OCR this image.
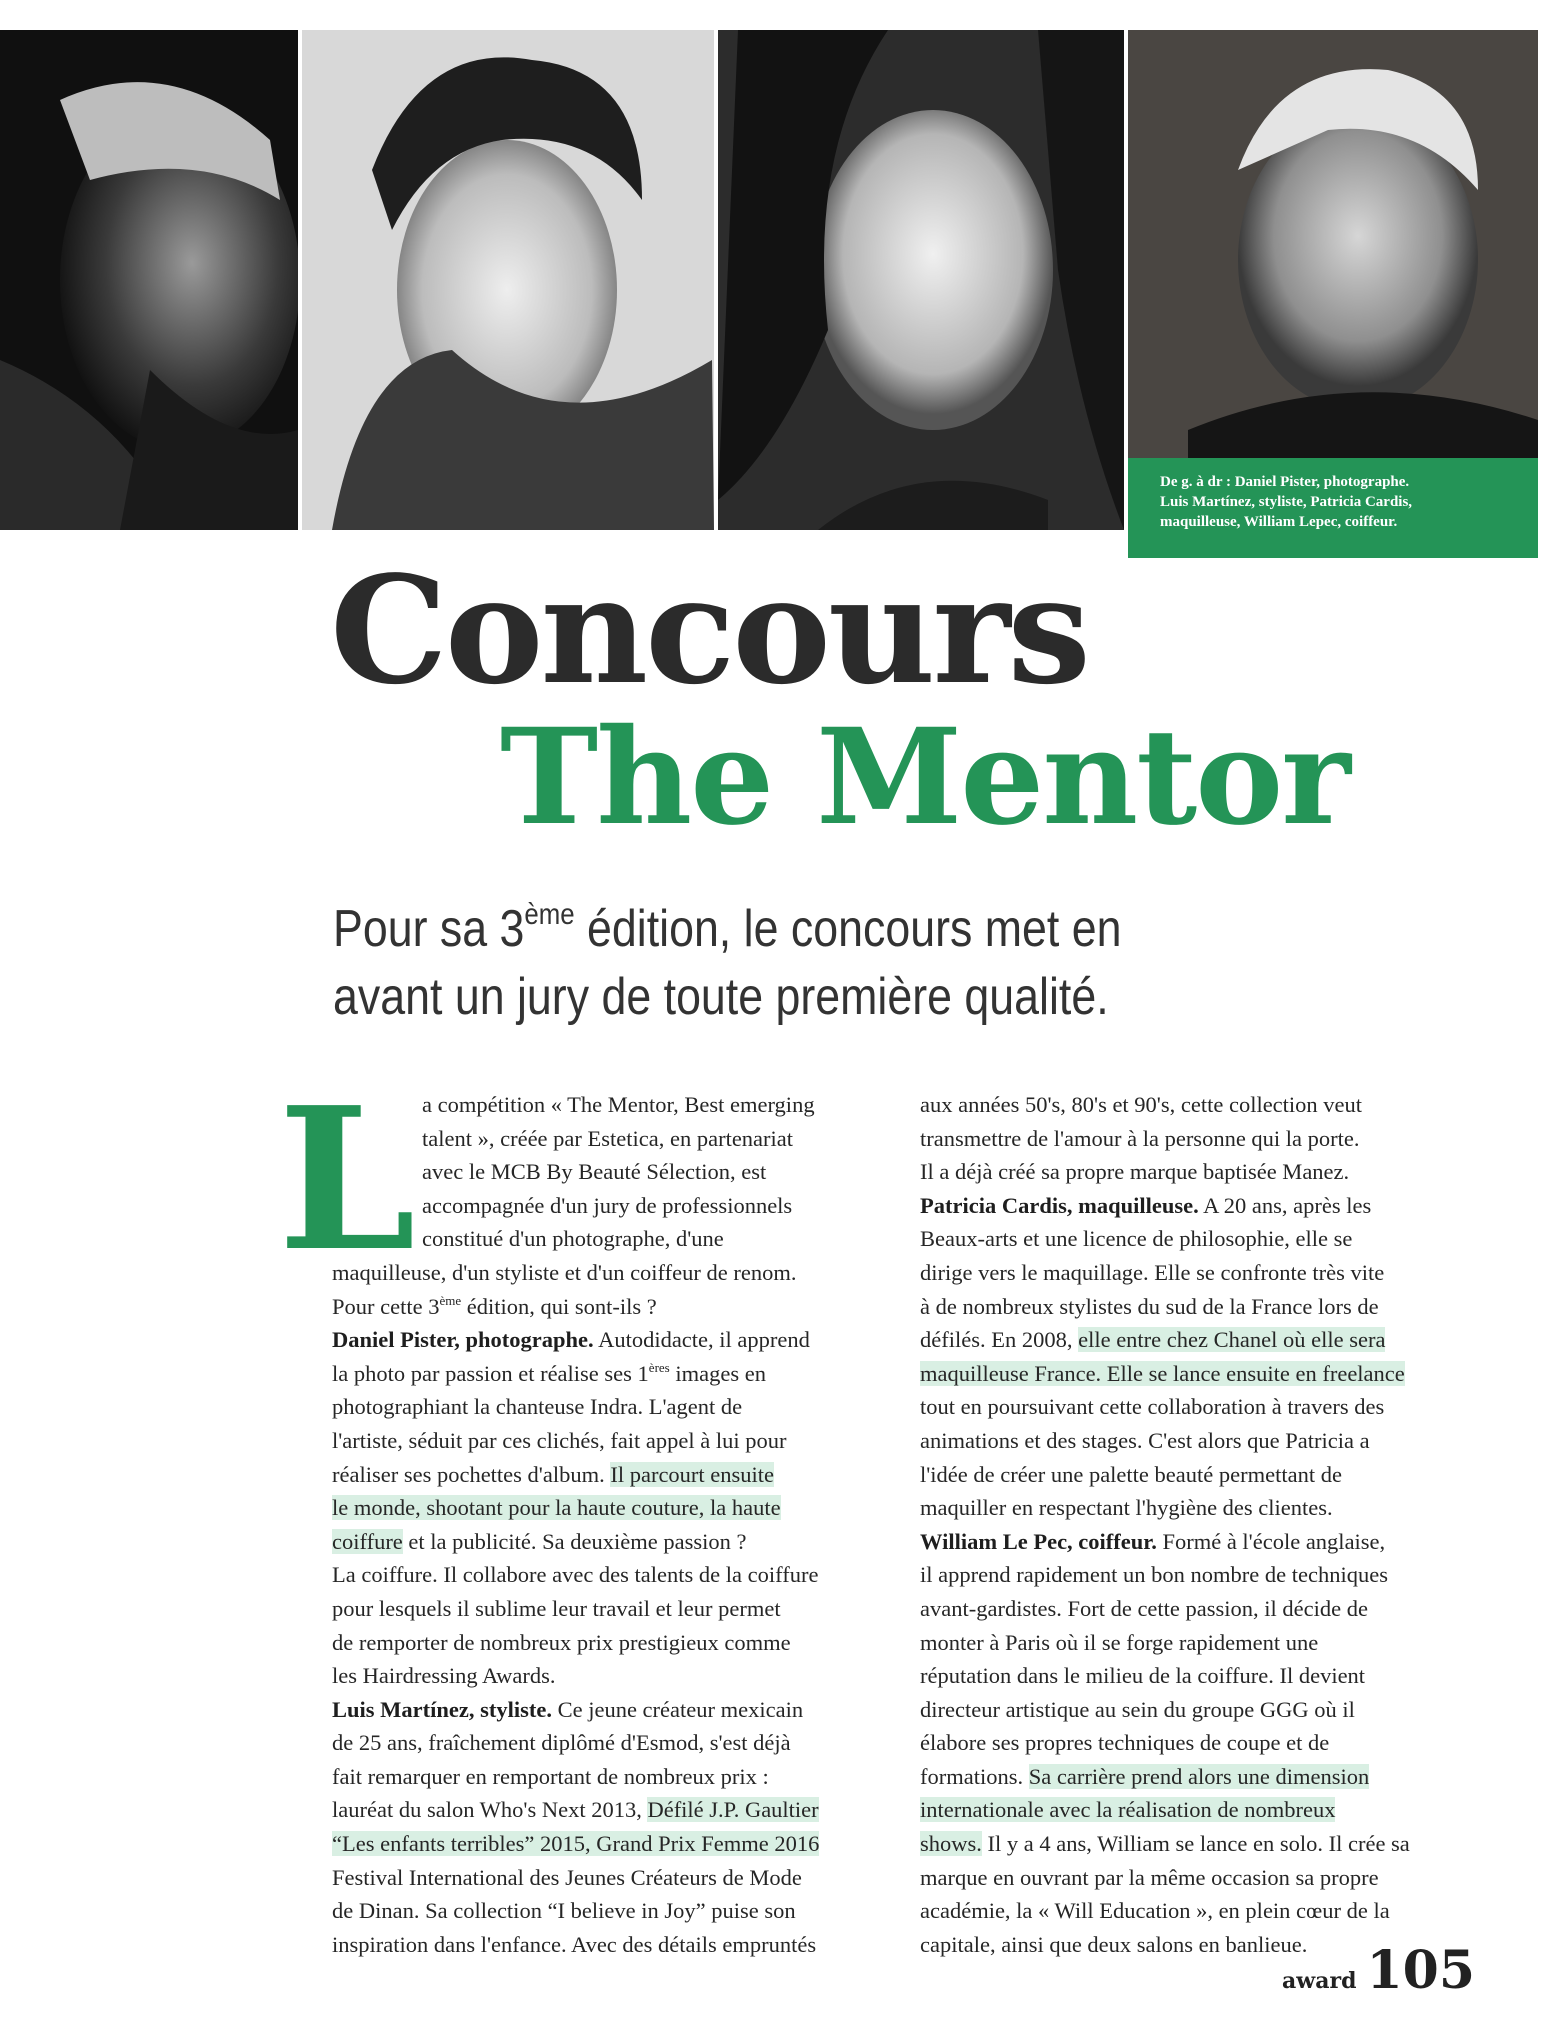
De g. à dr : Daniel Pister, photographe.
Luis Martínez, styliste, Patricia Cardis,
maquilleuse, William Lepec, coiffeur.
Concours
The Mentor
Pour sa 3ème édition, le concours met en
avant un jury de toute première qualité.
L a compétition « The Mentor, Best emerging
talent », créée par Estetica, en partenariat
avec le MCB By Beauté Sélection, est
accompagnée d'un jury de professionnels
constitué d'un photographe, d'une
maquilleuse, d'un styliste et d'un coiffeur de renom.
Pour cette 3ème édition, qui sont-ils ?
Daniel Pister, photographe. Autodidacte, il apprend
la photo par passion et réalise ses 1ères images en
photographiant la chanteuse Indra. L'agent de
l'artiste, séduit par ces clichés, fait appel à lui pour
réaliser ses pochettes d'album. Il parcourt ensuite
le monde, shootant pour la haute couture, la haute
coiffure et la publicité. Sa deuxième passion ?
La coiffure. Il collabore avec des talents de la coiffure
pour lesquels il sublime leur travail et leur permet
de remporter de nombreux prix prestigieux comme
les Hairdressing Awards.
Luis Martínez, styliste. Ce jeune créateur mexicain
de 25 ans, fraîchement diplômé d'Esmod, s'est déjà
fait remarquer en remportant de nombreux prix :
lauréat du salon Who's Next 2013, Défilé J.P. Gaultier
“Les enfants terribles” 2015, Grand Prix Femme 2016
Festival International des Jeunes Créateurs de Mode
de Dinan. Sa collection “I believe in Joy” puise son
inspiration dans l'enfance. Avec des détails empruntés
aux années 50's, 80's et 90's, cette collection veut
transmettre de l'amour à la personne qui la porte.
Il a déjà créé sa propre marque baptisée Manez.
Patricia Cardis, maquilleuse. A 20 ans, après les
Beaux-arts et une licence de philosophie, elle se
dirige vers le maquillage. Elle se confronte très vite
à de nombreux stylistes du sud de la France lors de
défilés. En 2008, elle entre chez Chanel où elle sera
maquilleuse France. Elle se lance ensuite en freelance
tout en poursuivant cette collaboration à travers des
animations et des stages. C'est alors que Patricia a
l'idée de créer une palette beauté permettant de
maquiller en respectant l'hygiène des clientes.
William Le Pec, coiffeur. Formé à l'école anglaise,
il apprend rapidement un bon nombre de techniques
avant-gardistes. Fort de cette passion, il décide de
monter à Paris où il se forge rapidement une
réputation dans le milieu de la coiffure. Il devient
directeur artistique au sein du groupe GGG où il
élabore ses propres techniques de coupe et de
formations. Sa carrière prend alors une dimension
internationale avec la réalisation de nombreux
shows. Il y a 4 ans, William se lance en solo. Il crée sa
marque en ouvrant par la même occasion sa propre
académie, la « Will Education », en plein cœur de la
capitale, ainsi que deux salons en banlieue.
award 105
